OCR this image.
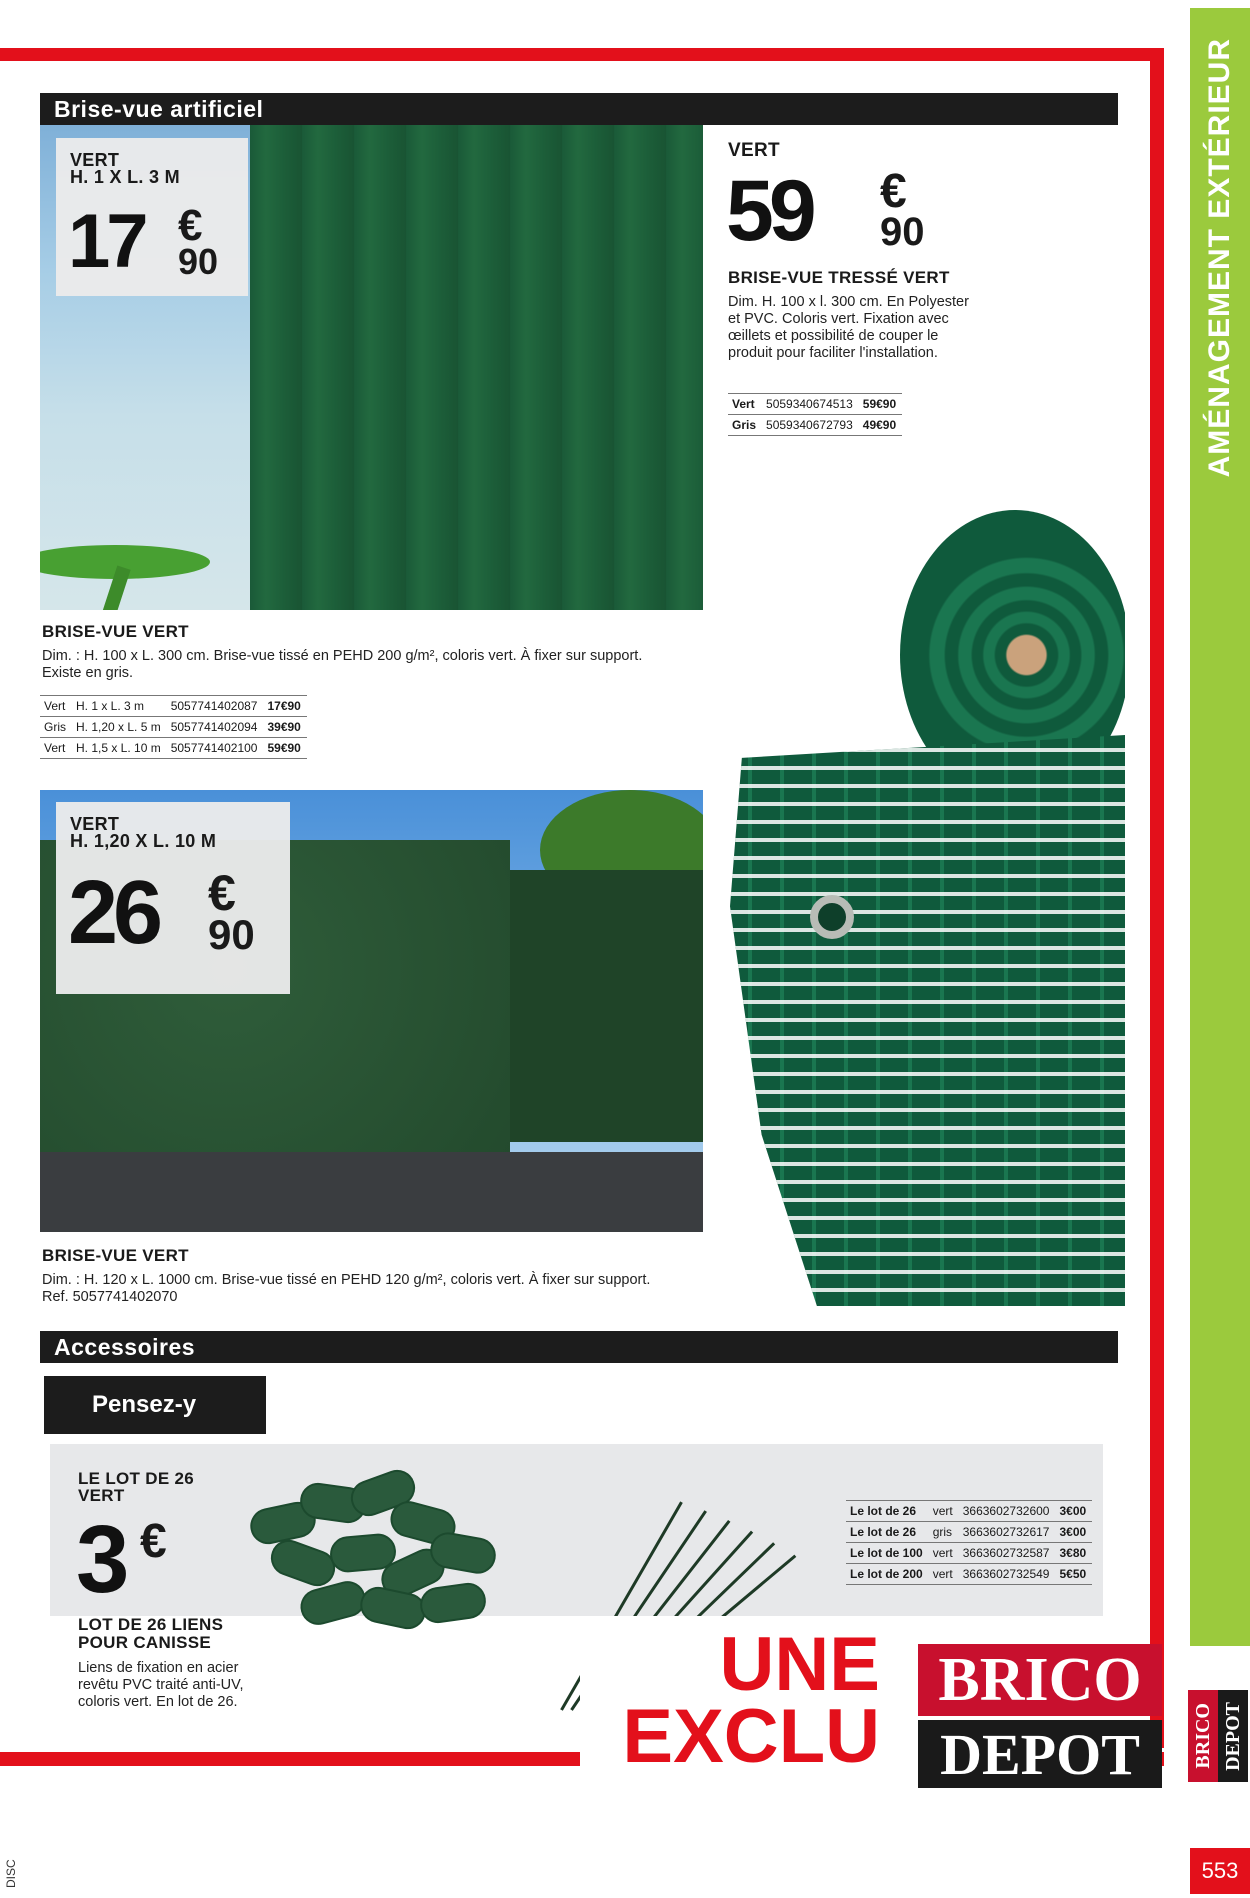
AMÉNAGEMENT EXTÉRIEUR
BRICO DEPOT
553
DISC
Brise-vue artificiel
VERT
H. 1 X L. 3 M
17 €
90
BRISE-VUE VERT
Dim. : H. 100 x L. 300 cm. Brise-vue tissé en PEHD 200 g/m², coloris vert. À fixer sur support.
Existe en gris.
Vert	H. 1 x L. 3 m	5057741402087	17€90
Gris	H. 1,20 x L. 5 m	5057741402094	39€90
Vert	H. 1,5 x L. 10 m	5057741402100	59€90
VERT
59 €
90
BRISE-VUE TRESSÉ VERT
Dim. H. 100 x l. 300 cm. En Polyester
et PVC. Coloris vert. Fixation avec
œillets et possibilité de couper le
produit pour faciliter l'installation.
Vert	5059340674513	59€90
Gris	5059340672793	49€90
VERT
H. 1,20 X L. 10 M
26 €
90
BRISE-VUE VERT
Dim. : H. 120 x L. 1000 cm. Brise-vue tissé en PEHD 120 g/m², coloris vert. À fixer sur support.
Ref. 5057741402070
Accessoires
Pensez-y
LE LOT DE 26
VERT
3 €
LOT DE 26 LIENS
POUR CANISSE
Liens de fixation en acier
revêtu PVC traité anti-UV,
coloris vert. En lot de 26.
Le lot de 26	vert	3663602732600	3€00
Le lot de 26	gris	3663602732617	3€00
Le lot de 100	vert	3663602732587	3€80
Le lot de 200	vert	3663602732549	5€50
UNE
EXCLU
BRICO
DEPOT
